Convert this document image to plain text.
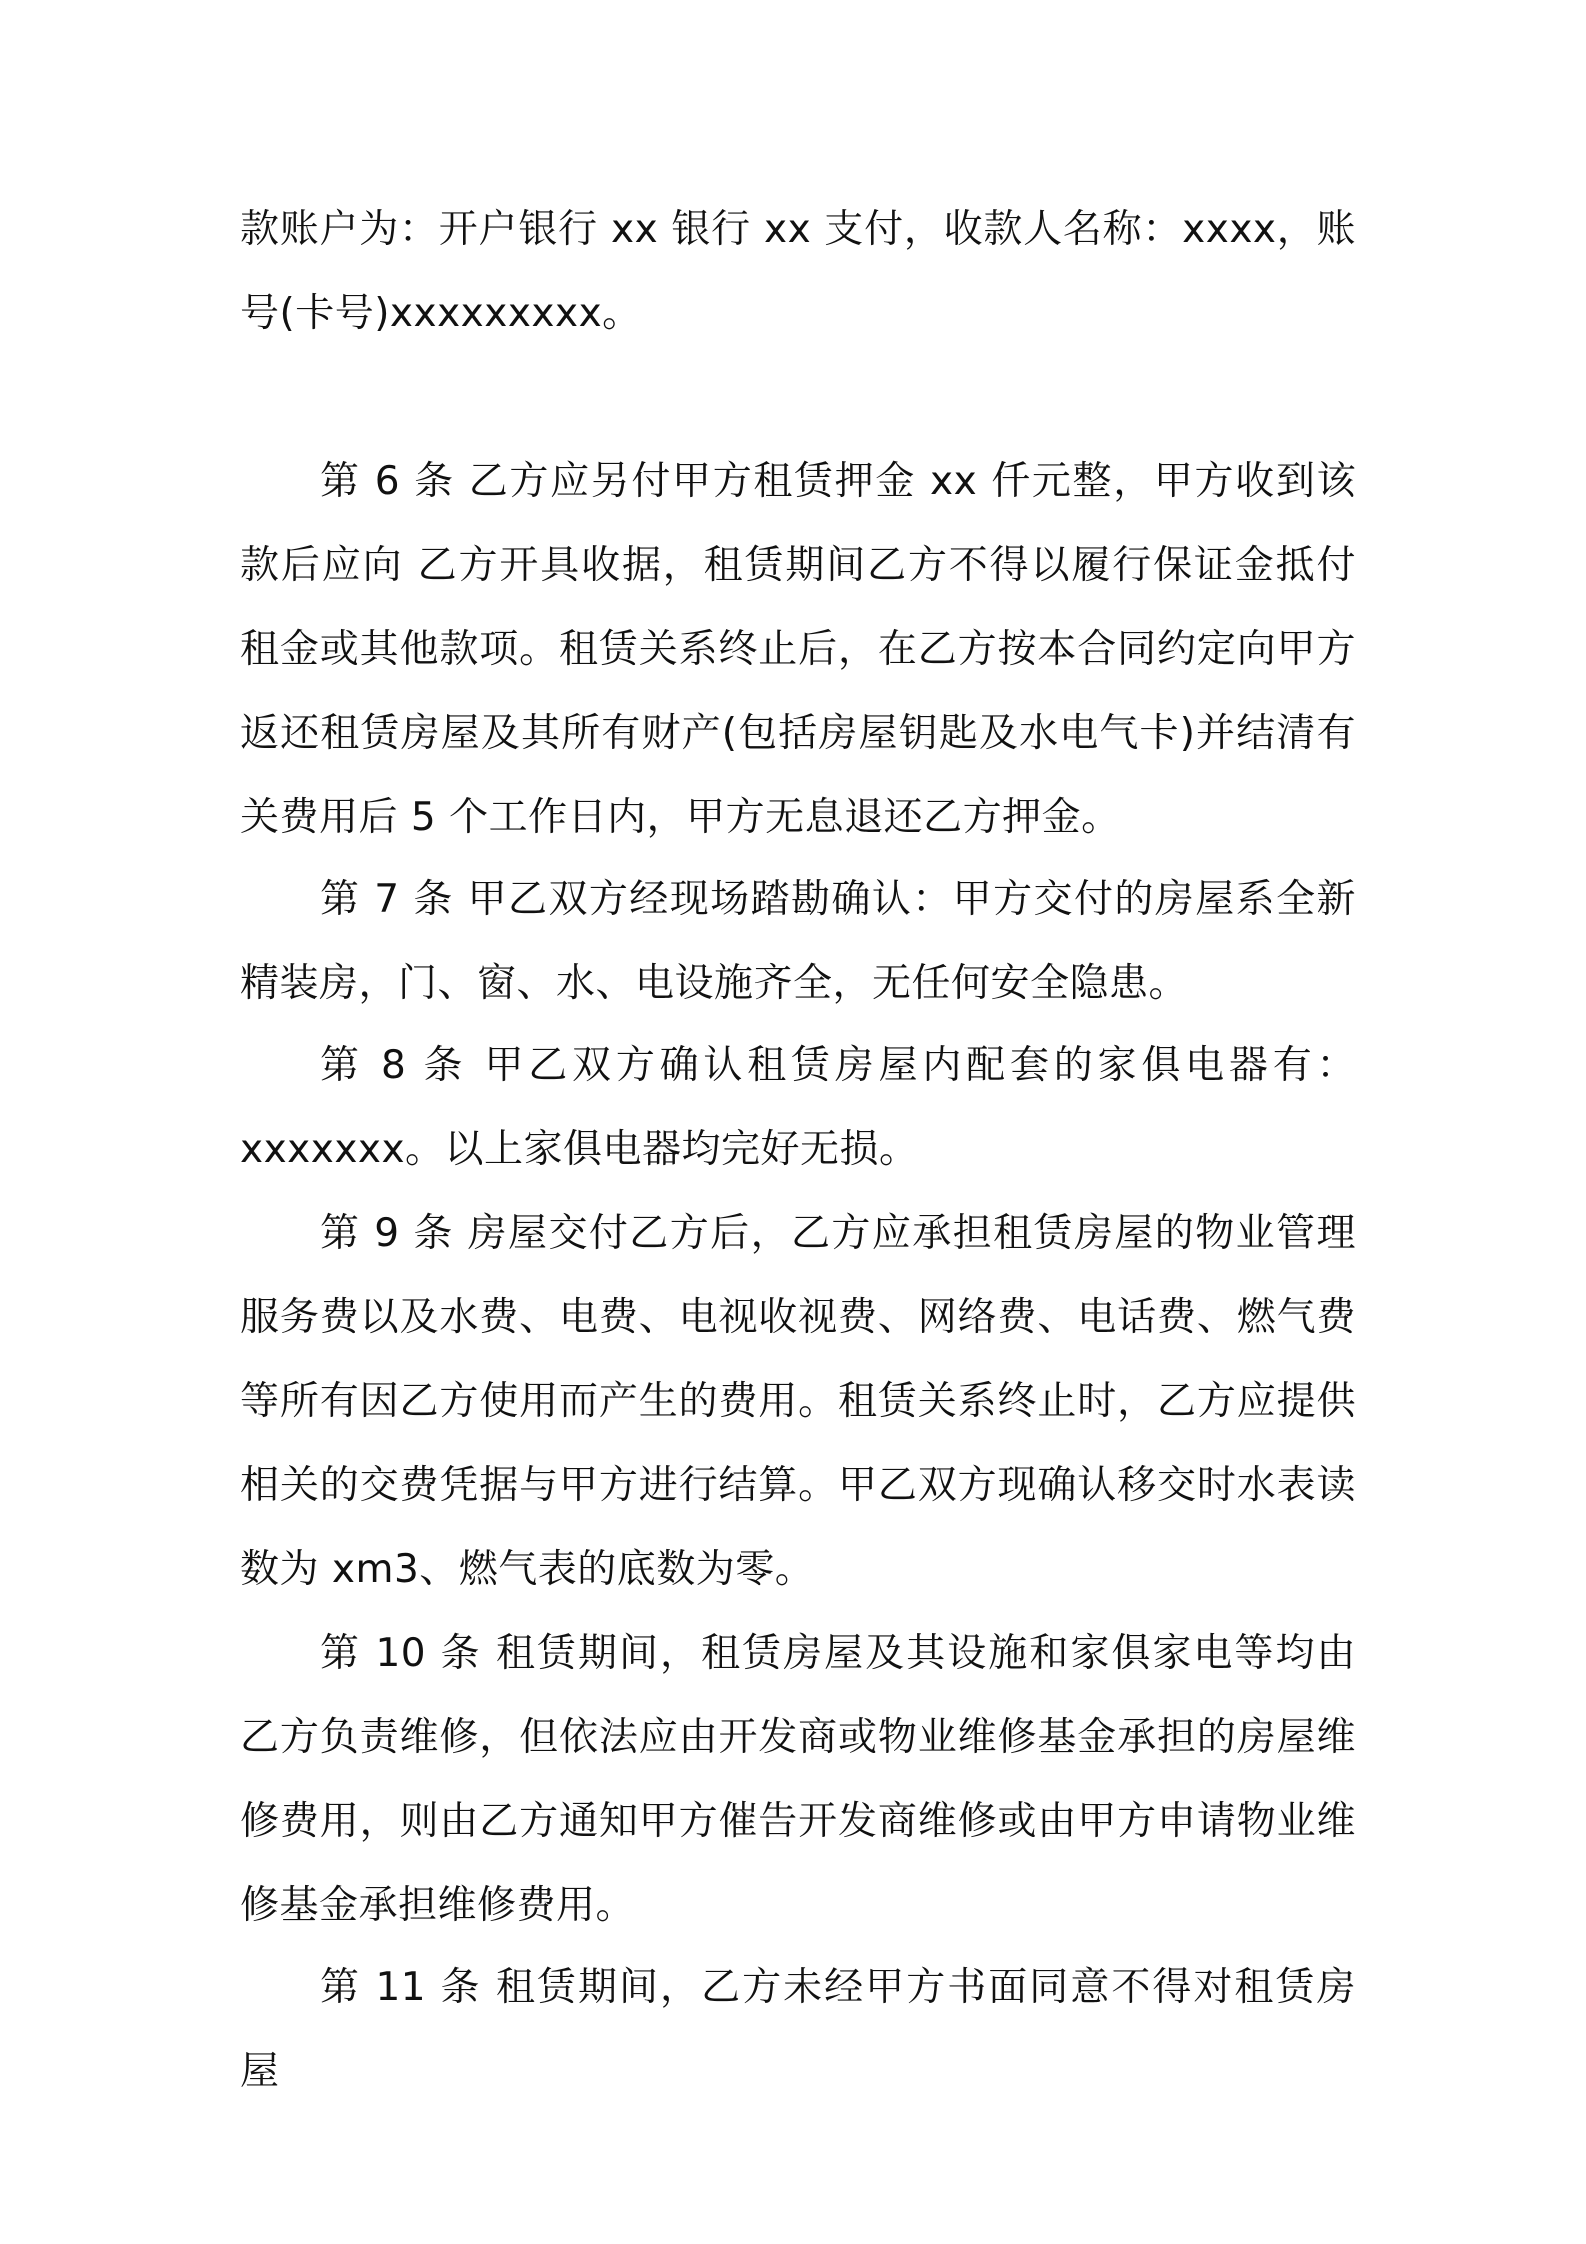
款账户为：开户银行 xx 银行 xx 支付，收款人名称：xxxx，账号(卡号)xxxxxxxxx。

第 6 条 乙方应另付甲方租赁押金 xx 仟元整，甲方收到该款后应向 乙方开具收据，租赁期间乙方不得以履行保证金抵付租金或其他款项。租赁关系终止后，在乙方按本合同约定向甲方返还租赁房屋及其所有财产(包括房屋钥匙及水电气卡)并结清有关费用后 5 个工作日内，甲方无息退还乙方押金。

第 7 条 甲乙双方经现场踏勘确认：甲方交付的房屋系全新精装房，门、窗、水、电设施齐全，无任何安全隐患。

第 8 条 甲乙双方确认租赁房屋内配套的家俱电器有：xxxxxxx。以上家俱电器均完好无损。

第 9 条 房屋交付乙方后，乙方应承担租赁房屋的物业管理服务费以及水费、电费、电视收视费、网络费、电话费、燃气费等所有因乙方使用而产生的费用。租赁关系终止时，乙方应提供相关的交费凭据与甲方进行结算。甲乙双方现确认移交时水表读数为 xm3、燃气表的底数为零。

第 10 条 租赁期间，租赁房屋及其设施和家俱家电等均由乙方负责维修，但依法应由开发商或物业维修基金承担的房屋维修费用，则由乙方通知甲方催告开发商维修或由甲方申请物业维修基金承担维修费用。

第 11 条 租赁期间，乙方未经甲方书面同意不得对租赁房屋
